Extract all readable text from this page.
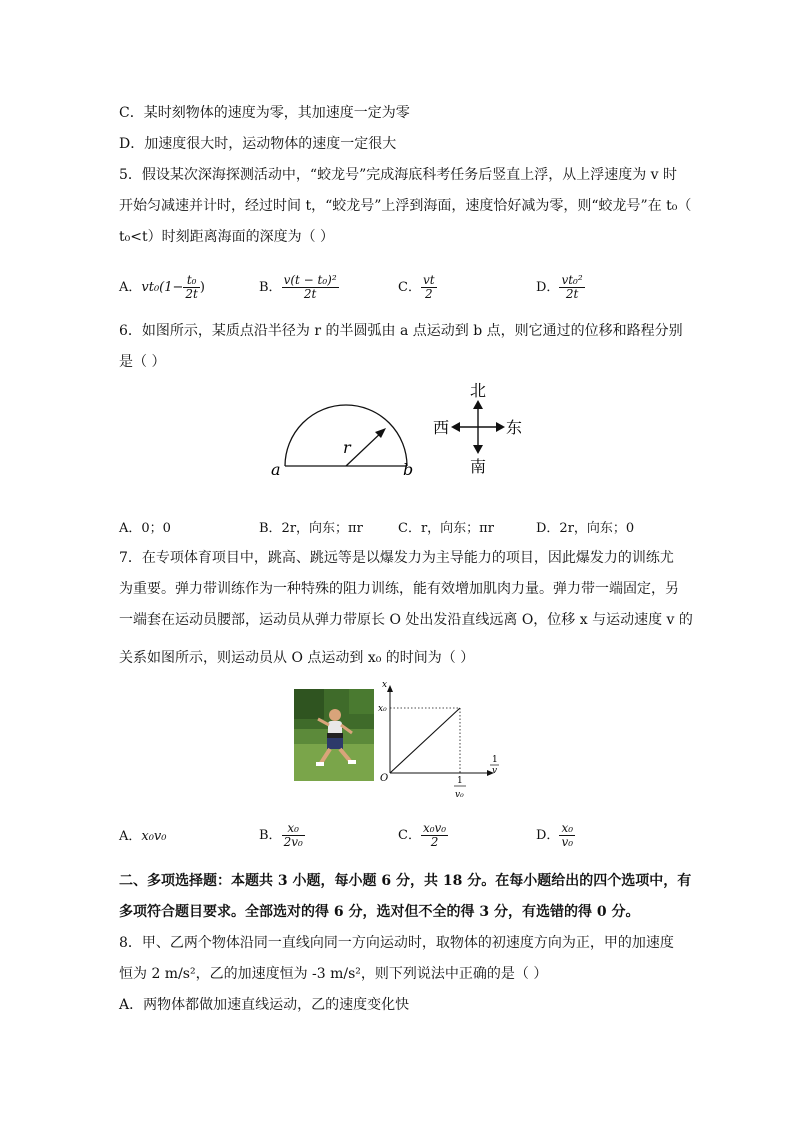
C．某时刻物体的速度为零，其加速度一定为零
D．加速度很大时，运动物体的速度一定很大
5．假设某次深海探测活动中，“蛟龙号”完成海底科考任务后竖直上浮，从上浮速度为 v 时
开始匀减速并计时，经过时间 t，“蛟龙号”上浮到海面，速度恰好减为零，则“蛟龙号”在 t₀（
t₀<t）时刻距离海面的深度为（ ）
A．$vt_0(1- \frac{\text{t₀}}{2t}$ )	B． $\frac{\text{v(t − t₀)²}}{2t}$	C． $\frac{vt}{2}$	D． $\frac{\text{vt₀²}}{2t}$
6．如图所示，某质点沿半径为 r 的半圆弧由 a 点运动到 b 点，则它通过的位移和路程分别
是（ ）
a	b
r
北
南
西	东
A．0；0	B．2r，向东；πr	C．r，向东；πr	D．2r，向东；0
7．在专项体育项目中，跳高、跳远等是以爆发力为主导能力的项目，因此爆发力的训练尤
为重要。弹力带训练作为一种特殊的阻力训练，能有效增加肌肉力量。弹力带一端固定，另
一端套在运动员腰部，运动员从弹力带原长 O 处出发沿直线远离 O，位移 x 与运动速度 v 的
关系如图所示，则运动员从 O 点运动到 x₀ 的时间为（ ）
x
x₀
O
1
v
1
v₀
A．x₀v₀	B． $\frac{\text{x₀}}{\text{2v₀}}$	C． $\frac{\text{x₀v₀}}{2}$	D． $\frac{\text{x₀}}{\text{v₀}}$
二、多项选择题：本题共 3 小题，每小题 6 分，共 18 分。在每小题给出的四个选项中，有
多项符合题目要求。全部选对的得 6 分，选对但不全的得 3 分，有选错的得 0 分。
8．甲、乙两个物体沿同一直线向同一方向运动时，取物体的初速度方向为正，甲的加速度
恒为 2 m/s²，乙的加速度恒为 -3 m/s²，则下列说法中正确的是（ ）
A．两物体都做加速直线运动，乙的速度变化快
